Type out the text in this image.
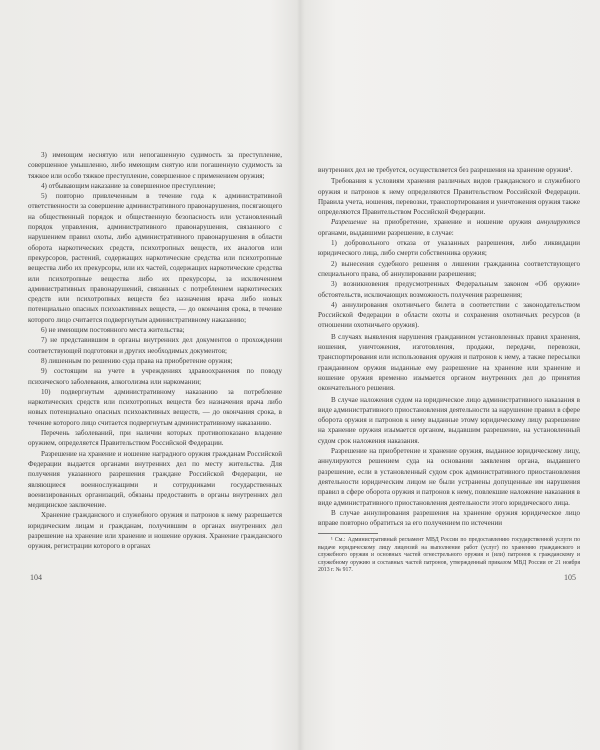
3) имеющим неснятую или непогашенную судимость за преступление, совершенное умышленно, либо имеющим снятую или погашенную судимость за тяжкое или особо тяжкое преступление, совершенное с применением оружия;

4) отбывающим наказание за совершенное преступление;

5) повторно привлеченным в течение года к административной ответственности за совершение административного правонарушения, посягающего на общественный порядок и общественную безопасность или установленный порядок управления, административного правонарушения, связанного с нарушением правил охоты, либо административного правонарушения в области оборота наркотических средств, психотропных веществ, их аналогов или прекурсоров, растений, содержащих наркотические средства или психотропные вещества либо их прекурсоры, или их частей, содержащих наркотические средства или психотропные вещества либо их прекурсоры, за исключением административных правонарушений, связанных с потреблением наркотических средств или психотропных веществ без назначения врача либо новых потенциально опасных психоактивных веществ, — до окончания срока, в течение которого лицо считается подвергнутым административному наказанию;

6) не имеющим постоянного места жительства;

7) не представившим в органы внутренних дел документов о прохождении соответствующей подготовки и других необходимых документов;

8) лишенным по решению суда права на приобретение оружия;

9) состоящим на учете в учреждениях здравоохранения по поводу психического заболевания, алкоголизма или наркомании;

10) подвергнутым административному наказанию за потребление наркотических средств или психотропных веществ без назначения врача либо новых потенциально опасных психоактивных веществ, — до окончания срока, в течение которого лицо считается подвергнутым административному наказанию.

Перечень заболеваний, при наличии которых противопоказано владение оружием, определяется Правительством Российской Федерации.

Разрешение на хранение и ношение наградного оружия гражданам Российской Федерации выдается органами внутренних дел по месту жительства. Для получения указанного разрешения граждане Российской Федерации, не являющиеся военнослужащими и сотрудниками государственных военизированных организаций, обязаны предоставить в органы внутренних дел медицинское заключение.

Хранение гражданского и служебного оружия и патронов к нему разрешается юридическим лицам и гражданам, получившим в органах внутренних дел разрешение на хранение или хранение и ношение оружия. Хранение гражданского оружия, регистрации которого в органах

104

внутренних дел не требуется, осуществляется без разрешения на хранение оружия¹.

Требования к условиям хранения различных видов гражданского и служебного оружия и патронов к нему определяются Правительством Российской Федерации. Правила учета, ношения, перевозки, транспортирования и уничтожения оружия также определяются Правительством Российской Федерации.

Разрешение на приобретение, хранение и ношение оружия аннулируются органами, выдавшими разрешение, в случае:

1) добровольного отказа от указанных разрешения, либо ликвидации юридического лица, либо смерти собственника оружия;

2) вынесения судебного решения о лишении гражданина соответствующего специального права, об аннулировании разрешения;

3) возникновения предусмотренных Федеральным законом «Об оружии» обстоятельств, исключающих возможность получения разрешения;

4) аннулирования охотничьего билета в соответствии с законодательством Российской Федерации в области охоты и сохранения охотничьих ресурсов (в отношении охотничьего оружия).

В случаях выявления нарушения гражданином установленных правил хранения, ношения, уничтожения, изготовления, продажи, передачи, перевозки, транспортирования или использования оружия и патронов к нему, а также пересылки гражданином оружия выданные ему разрешение на хранение или хранение и ношение оружия временно изымается органом внутренних дел до принятия окончательного решения.

В случае наложения судом на юридическое лицо административного наказания в виде административного приостановления деятельности за нарушение правил в сфере оборота оружия и патронов к нему выданные этому юридическому лицу разрешение на хранение оружия изымается органом, выдавшим разрешение, на установленный судом срок наложения наказания.

Разрешение на приобретение и хранение оружия, выданное юридическому лицу, аннулируются решением суда на основании заявления органа, выдавшего разрешение, если в установленный судом срок административного приостановления деятельности юридическим лицом не были устранены допущенные им нарушения правил в сфере оборота оружия и патронов к нему, повлекшие наложение наказания в виде административного приостановления деятельности этого юридического лица.

В случае аннулирования разрешения на хранение оружия юридическое лицо вправе повторно обратиться за его получением по истечении

¹ См.: Административный регламент МВД России по предоставлению государственной услуги по выдаче юридическому лицу лицензий на выполнение работ (услуг) по хранению гражданского и служебного оружия и основных частей огнестрельного оружия и (или) патронов к гражданскому и служебному оружию и составных частей патронов, утвержденный приказом МВД России от 21 ноября 2013 г. № 917.

105
